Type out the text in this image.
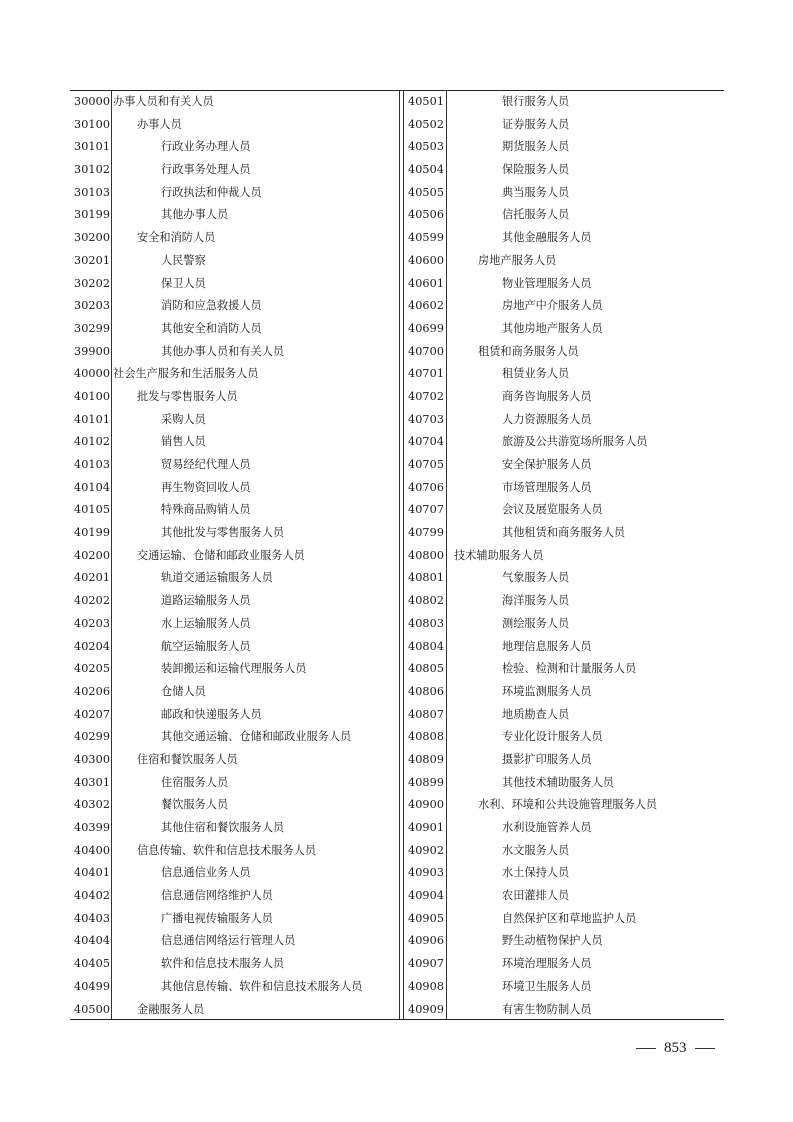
30000 办事人员和有关人员
30100 办事人员
30101	行政业务办理人员
30102	行政事务处理人员
30103	行政执法和仲裁人员
30199	其他办事人员
30200 安全和消防人员
30201	人民警察
30202	保卫人员
30203	消防和应急救援人员
30299	其他安全和消防人员
39900	其他办事人员和有关人员
40000 社会生产服务和生活服务人员
40100 批发与零售服务人员
40101	采购人员
40102	销售人员
40103	贸易经纪代理人员
40104	再生物资回收人员
40105	特殊商品购销人员
40199	其他批发与零售服务人员
40200 交通运输、仓储和邮政业服务人员
40201	轨道交通运输服务人员
40202	道路运输服务人员
40203	水上运输服务人员
40204	航空运输服务人员
40205	装卸搬运和运输代理服务人员
40206	仓储人员
40207	邮政和快递服务人员
40299	其他交通运输、仓储和邮政业服务人员
40300 住宿和餐饮服务人员
40301	住宿服务人员
40302	餐饮服务人员
40399	其他住宿和餐饮服务人员
40400 信息传输、软件和信息技术服务人员
40401	信息通信业务人员
40402	信息通信网络维护人员
40403	广播电视传输服务人员
40404	信息通信网络运行管理人员
40405	软件和信息技术服务人员
40499	其他信息传输、软件和信息技术服务人员
40500 金融服务人员
40501	银行服务人员
40502	证券服务人员
40503	期货服务人员
40504	保险服务人员
40505	典当服务人员
40506	信托服务人员
40599	其他金融服务人员
40600	房地产服务人员
40601	物业管理服务人员
40602	房地产中介服务人员
40699	其他房地产服务人员
40700	租赁和商务服务人员
40701	租赁业务人员
40702	商务咨询服务人员
40703	人力资源服务人员
40704	旅游及公共游览场所服务人员
40705	安全保护服务人员
40706	市场管理服务人员
40707	会议及展览服务人员
40799	其他租赁和商务服务人员
40800 技术辅助服务人员
40801	气象服务人员
40802	海洋服务人员
40803	测绘服务人员
40804	地理信息服务人员
40805	检验、检测和计量服务人员
40806	环境监测服务人员
40807	地质勘查人员
40808	专业化设计服务人员
40809	摄影扩印服务人员
40899	其他技术辅助服务人员
40900	水利、环境和公共设施管理服务人员
40901	水利设施管养人员
40902	水文服务人员
40903	水土保持人员
40904	农田灌排人员
40905	自然保护区和草地监护人员
40906	野生动植物保护人员
40907	环境治理服务人员
40908	环境卫生服务人员
40909	有害生物防制人员
853
